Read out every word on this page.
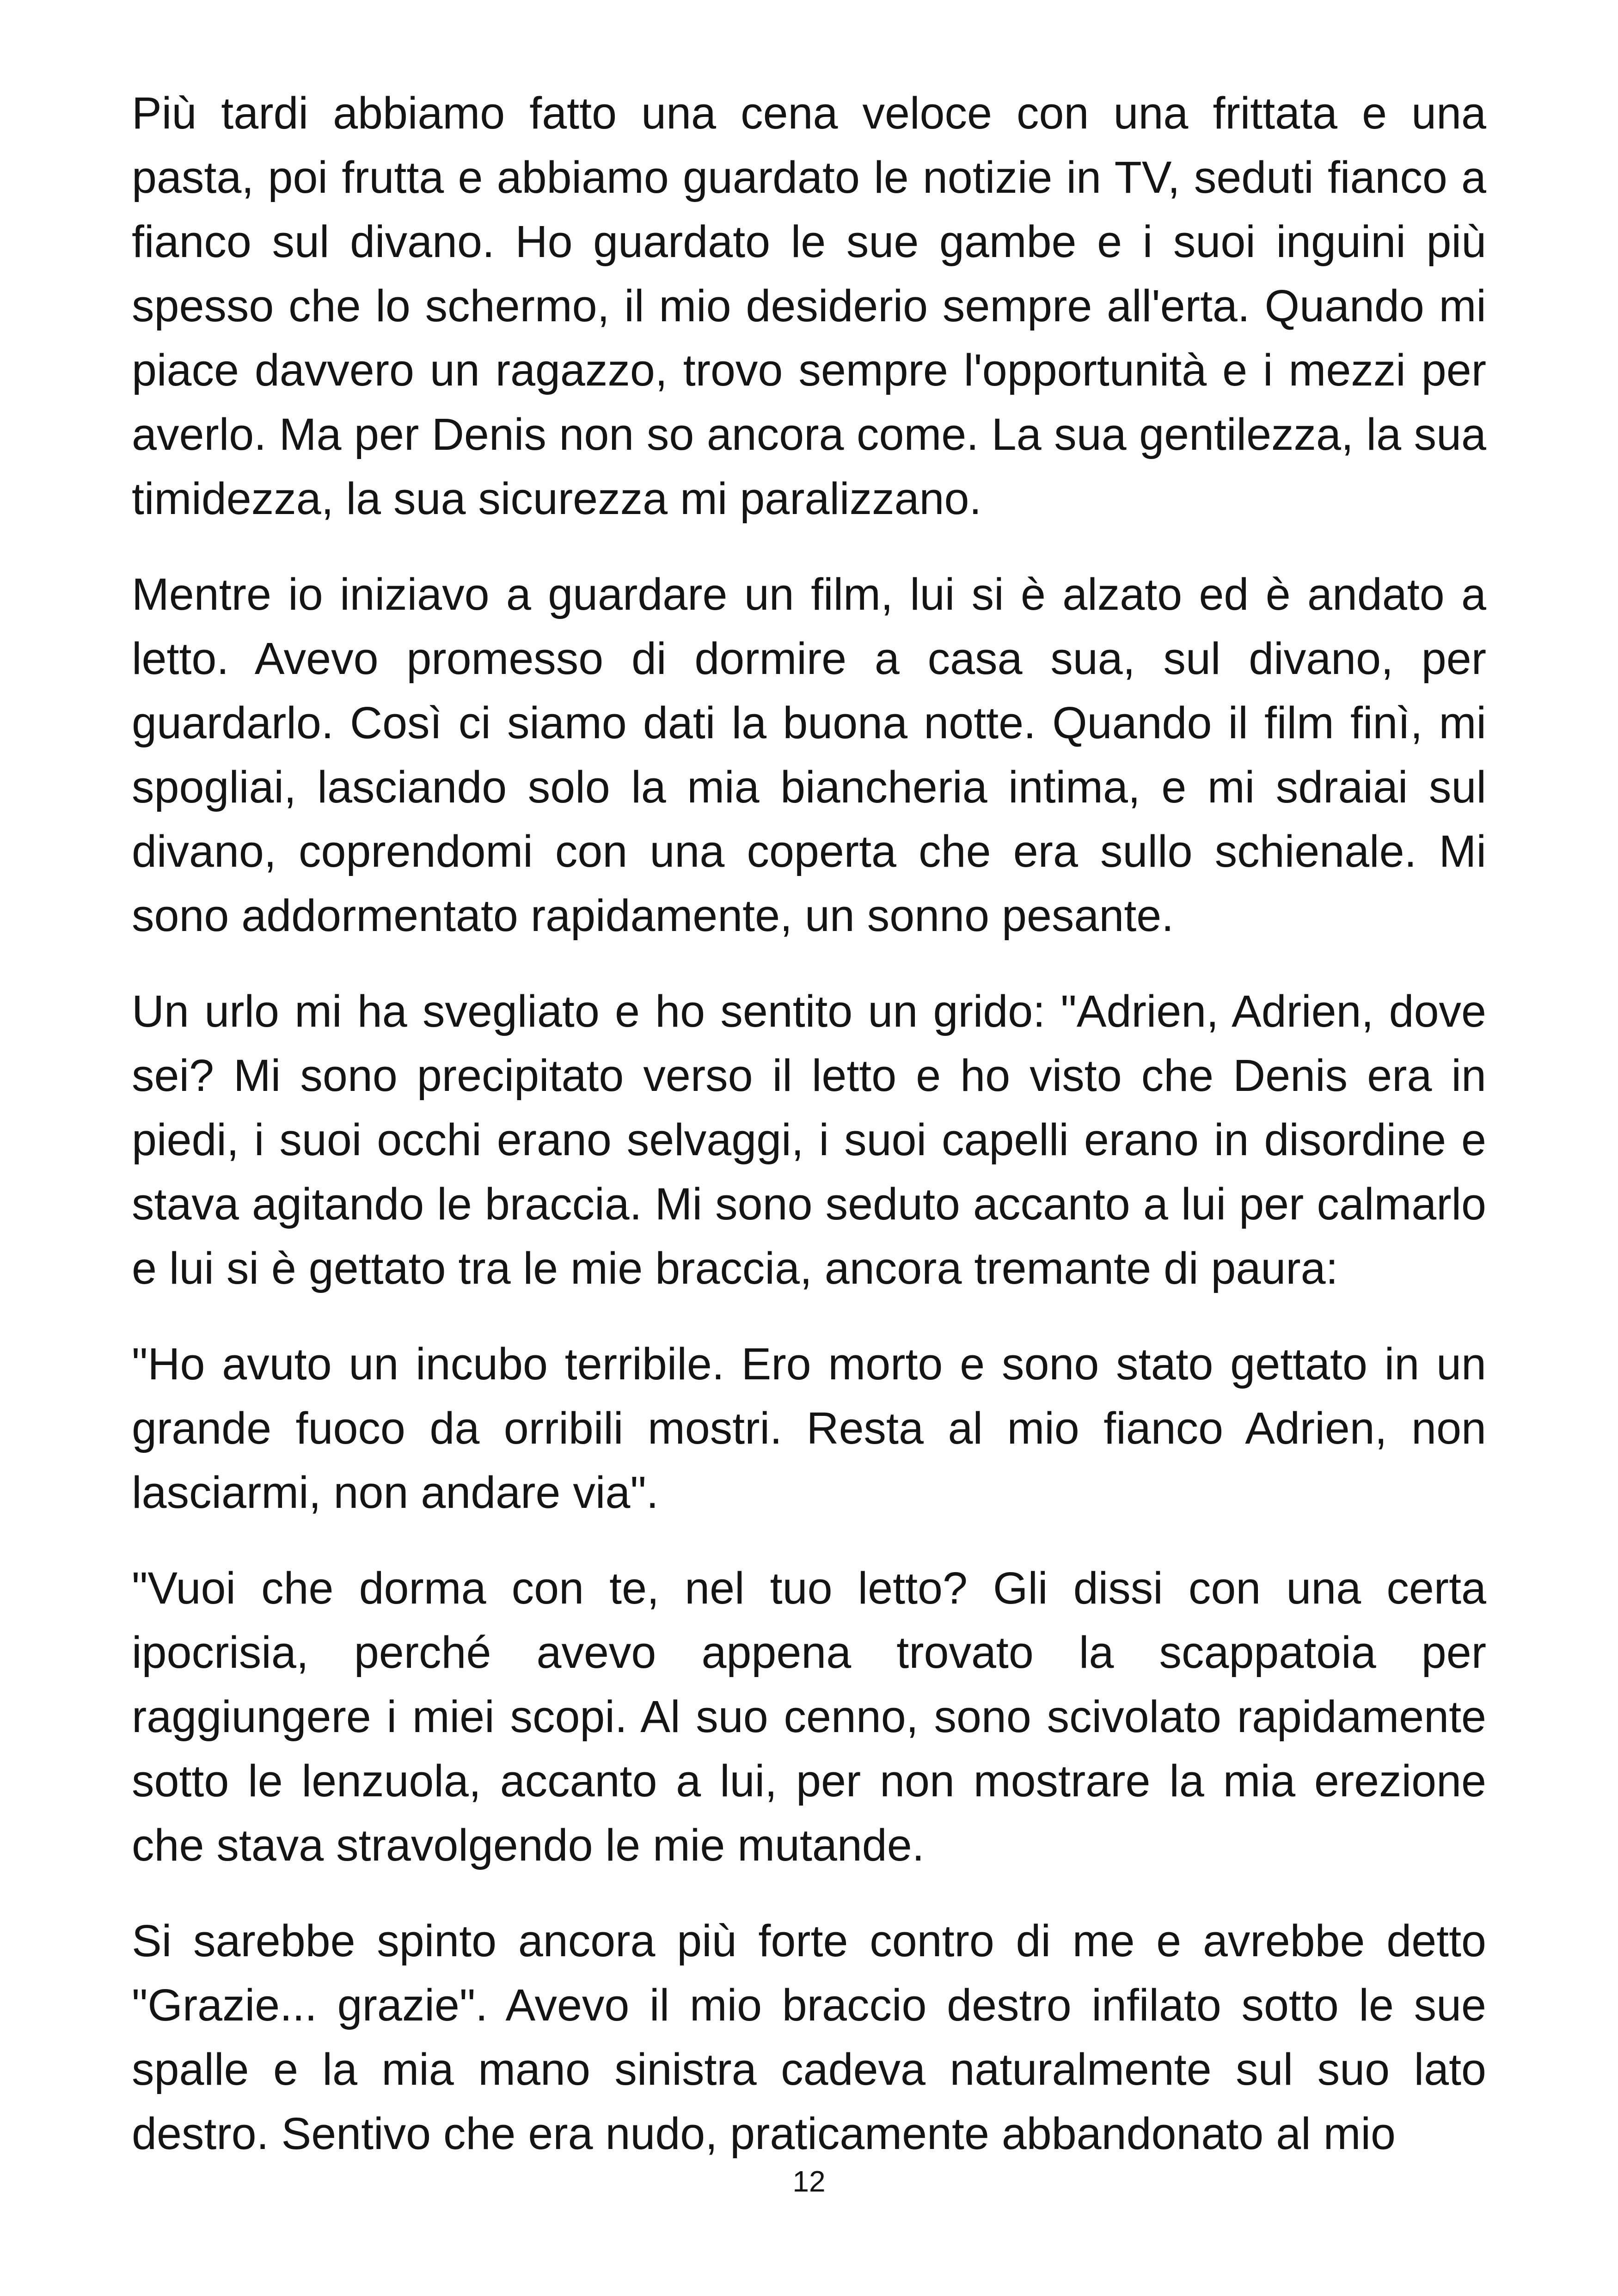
Più tardi abbiamo fatto una cena veloce con una frittata e una pasta, poi frutta e abbiamo guardato le notizie in TV, seduti fianco a fianco sul divano. Ho guardato le sue gambe e i suoi inguini più spesso che lo schermo, il mio desiderio sempre all'erta. Quando mi piace davvero un ragazzo, trovo sempre l'opportunità e i mezzi per averlo. Ma per Denis non so ancora come. La sua gentilezza, la sua timidezza, la sua sicurezza mi paralizzano.

Mentre io iniziavo a guardare un film, lui si è alzato ed è andato a letto. Avevo promesso di dormire a casa sua, sul divano, per guardarlo. Così ci siamo dati la buona notte. Quando il film finì, mi spogliai, lasciando solo la mia biancheria intima, e mi sdraiai sul divano, coprendomi con una coperta che era sullo schienale. Mi sono addormentato rapidamente, un sonno pesante.

Un urlo mi ha svegliato e ho sentito un grido: "Adrien, Adrien, dove sei? Mi sono precipitato verso il letto e ho visto che Denis era in piedi, i suoi occhi erano selvaggi, i suoi capelli erano in disordine e stava agitando le braccia. Mi sono seduto accanto a lui per calmarlo e lui si è gettato tra le mie braccia, ancora tremante di paura:

"Ho avuto un incubo terribile. Ero morto e sono stato gettato in un grande fuoco da orribili mostri. Resta al mio fianco Adrien, non lasciarmi, non andare via".

"Vuoi che dorma con te, nel tuo letto? Gli dissi con una certa ipocrisia, perché avevo appena trovato la scappatoia per raggiungere i miei scopi. Al suo cenno, sono scivolato rapidamente sotto le lenzuola, accanto a lui, per non mostrare la mia erezione che stava stravolgendo le mie mutande.

Si sarebbe spinto ancora più forte contro di me e avrebbe detto "Grazie... grazie". Avevo il mio braccio destro infilato sotto le sue spalle e la mia mano sinistra cadeva naturalmente sul suo lato destro. Sentivo che era nudo, praticamente abbandonato al mio

12
